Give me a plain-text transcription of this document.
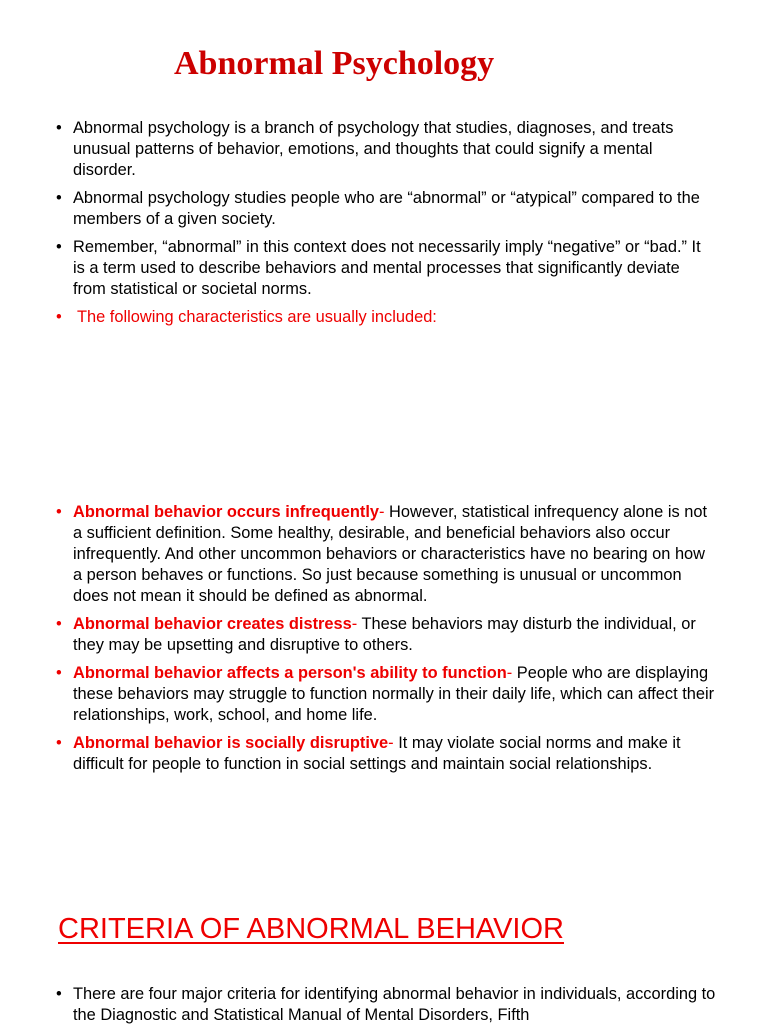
Abnormal Psychology
• Abnormal psychology is a branch of psychology that studies, diagnoses, and treats unusual patterns of behavior, emotions, and thoughts that could signify a mental disorder.
• Abnormal psychology studies people who are “abnormal” or “atypical” compared to the members of a given society.
• Remember, “abnormal” in this context does not necessarily imply “negative” or “bad.” It is a term used to describe behaviors and mental processes that significantly deviate from statistical or societal norms.
• The following characteristics are usually included:
• Abnormal behavior occurs infrequently- However, statistical infrequency alone is not a sufficient definition. Some healthy, desirable, and beneficial behaviors also occur infrequently. And other uncommon behaviors or characteristics have no bearing on how a person behaves or functions. So just because something is unusual or uncommon does not mean it should be defined as abnormal.
• Abnormal behavior creates distress- These behaviors may disturb the individual, or they may be upsetting and disruptive to others.
• Abnormal behavior affects a person's ability to function- People who are displaying these behaviors may struggle to function normally in their daily life, which can affect their relationships, work, school, and home life.
• Abnormal behavior is socially disruptive- It may violate social norms and make it difficult for people to function in social settings and maintain social relationships.
CRITERIA OF ABNORMAL BEHAVIOR
• There are four major criteria for identifying abnormal behavior in individuals, according to the Diagnostic and Statistical Manual of Mental Disorders, Fifth
